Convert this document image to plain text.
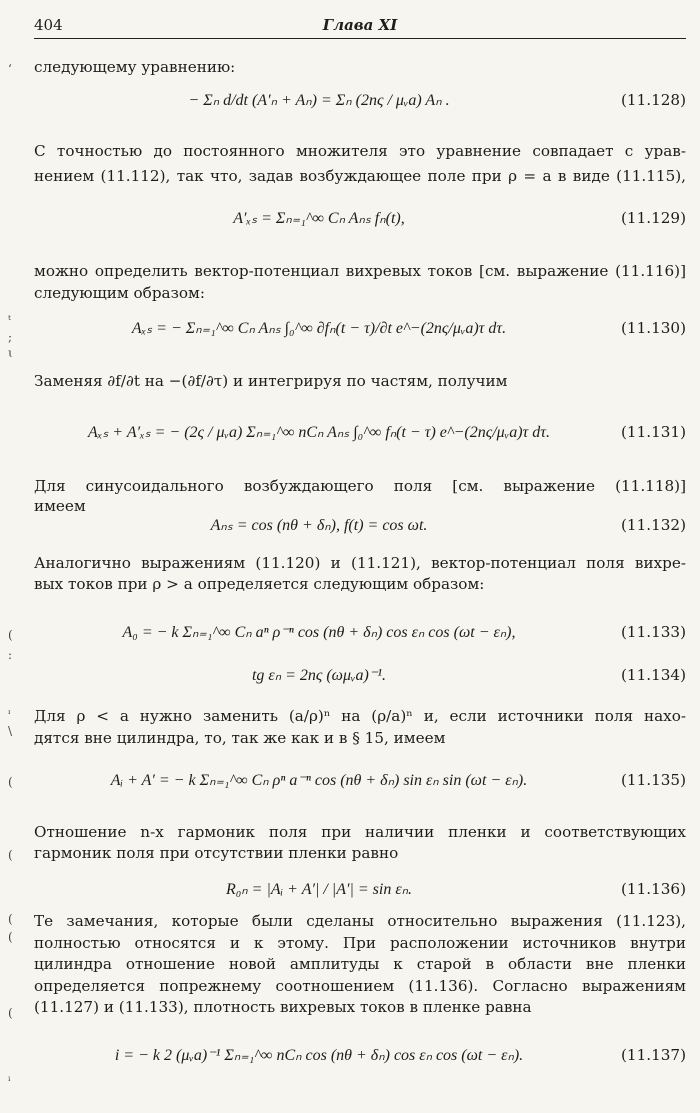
404	Глава XI
следующему уравнению:
− Σₙ d/dt (A′ₙ + Aₙ) = Σₙ (2nς / μᵥa) Aₙ .	(11.128)
С точностью до постоянного множителя это уравнение совпадает с урав-
нением (11.112), так что, задав возбуждающее поле при ρ = a в виде (11.115),
A′ₓₛ = Σₙ₌₁^∞ Cₙ Aₙₛ fₙ(t),	(11.129)
можно определить вектор-потенциал вихревых токов [см. выражение (11.116)]
следующим образом:
Aₓₛ = − Σₙ₌₁^∞ Cₙ Aₙₛ ∫₀^∞ ∂fₙ(t − τ)/∂t e^−(2nς/μᵥa)τ dτ.	(11.130)
Заменяя ∂f/∂t на −(∂f/∂τ) и интегрируя по частям, получим
Aₓₛ + A′ₓₛ = − (2ς / μᵥa) Σₙ₌₁^∞ nCₙ Aₙₛ ∫₀^∞ fₙ(t − τ) e^−(2nς/μᵥa)τ dτ.	(11.131)
Для синусоидального возбуждающего поля [см. выражение (11.118)]
имеем
Aₙₛ = cos (nθ + δₙ), f(t) = cos ωt.	(11.132)
Аналогично выражениям (11.120) и (11.121), вектор-потенциал поля вихре-
вых токов при ρ > a определяется следующим образом:
A₀ = − k Σₙ₌₁^∞ Cₙ aⁿ ρ⁻ⁿ cos (nθ + δₙ) cos εₙ cos (ωt − εₙ),	(11.133)
tg εₙ = 2nς (ωμᵥa)⁻¹.	(11.134)
Для ρ < a нужно заменить (a/ρ)ⁿ на (ρ/a)ⁿ и, если источники поля нахо-
дятся вне цилиндра, то, так же как и в § 15, имеем
Aᵢ + A′ = − k Σₙ₌₁^∞ Cₙ ρⁿ a⁻ⁿ cos (nθ + δₙ) sin εₙ sin (ωt − εₙ).	(11.135)
Отношение n-х гармоник поля при наличии пленки и соответствующих
гармоник поля при отсутствии пленки равно
R₀ₙ = |Aᵢ + A′| / |A′| = sin εₙ.	(11.136)
Те замечания, которые были сделаны относительно выражения (11.123),
полностью относятся и к этому. При расположении источников внутри
цилиндра отношение новой амплитуды к старой в области вне пленки
определяется попрежнему соотношением (11.136). Согласно выражениям
(11.127) и (11.133), плотность вихревых токов в пленке равна
i = − k 2 (μᵥa)⁻¹ Σₙ₌₁^∞ nCₙ cos (nθ + δₙ) cos εₙ cos (ωt − εₙ).	(11.137)
ʻ
ᵗ
;
ɩ
(
:
ᶦ
\
(
(
(
(
(
ⁱ
